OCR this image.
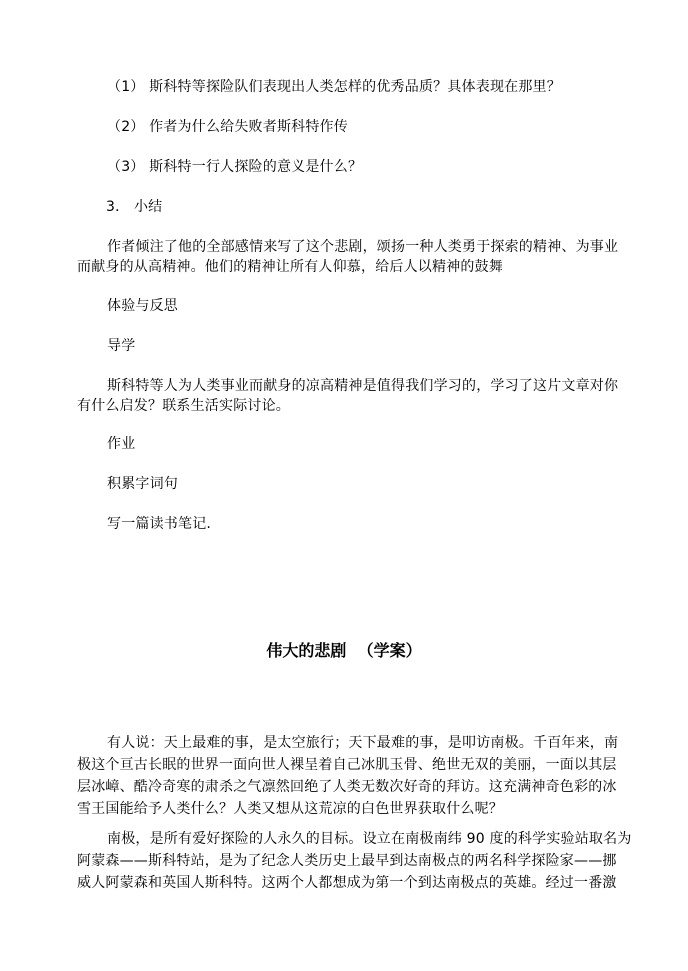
（1） 斯科特等探险队们表现出人类怎样的优秀品质？具体表现在那里？
（2） 作者为什么给失败者斯科特作传
（3） 斯科特一行人探险的意义是什么？
3． 小结
作者倾注了他的全部感情来写了这个悲剧，颂扬一种人类勇于探索的精神、为事业
而献身的从高精神。他们的精神让所有人仰慕，给后人以精神的鼓舞
体验与反思
导学
斯科特等人为人类事业而献身的凉高精神是值得我们学习的，学习了这片文章对你
有什么启发？联系生活实际讨论。
作业
积累字词句
写一篇读书笔记.
伟大的悲剧  （学案）
有人说：天上最难的事，是太空旅行；天下最难的事，是叩访南极。千百年来，南
极这个亘古长眠的世界一面向世人裸呈着自己冰肌玉骨、绝世无双的美丽，一面以其层
层冰嶂、酷冷奇寒的肃杀之气凛然回绝了人类无数次好奇的拜访。这充满神奇色彩的冰
雪王国能给予人类什么？人类又想从这荒凉的白色世界获取什么呢？
南极，是所有爱好探险的人永久的目标。设立在南极南纬 90 度的科学实验站取名为
阿蒙森——斯科特站，是为了纪念人类历史上最早到达南极点的两名科学探险家——挪
威人阿蒙森和英国人斯科特。这两个人都想成为第一个到达南极点的英雄。经过一番激
